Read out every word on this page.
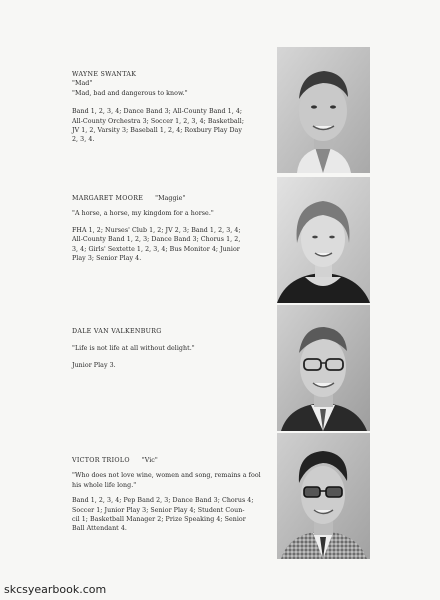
WAYNE SWANTAK

"Mad"

"Mad, bad and dangerous to know."

Band 1, 2, 3, 4; Dance Band 3; All-County Band 1, 4;

All-County Orchestra 3; Soccer 1, 2, 3, 4; Basketball;

JV 1, 2, Varsity 3; Baseball 1, 2, 4; Roxbury Play Day

2, 3, 4.

MARGARET MOORE "Maggie"

"A horse, a horse, my kingdom for a horse."

FHA 1, 2; Nurses' Club 1, 2; JV 2, 3; Band 1, 2, 3, 4;

All-County Band 1, 2, 3; Dance Band 3; Chorus 1, 2,

3, 4; Girls' Sextette 1, 2, 3, 4; Bus Monitor 4; Junior

Play 3; Senior Play 4.

DALE VAN VALKENBURG

"Life is not life at all without delight."

Junior Play 3.

VICTOR TRIOLO "Vic"

"Who does not love wine, women and song, remains a fool his whole life long."

Band 1, 2, 3, 4; Pep Band 2, 3; Dance Band 3; Chorus 4;

Soccer 1; Junior Play 3; Senior Play 4; Student Coun-

cil 1; Basketball Manager 2; Prize Speaking 4; Senior

Ball Attendant 4.

skcsyearbook.com
